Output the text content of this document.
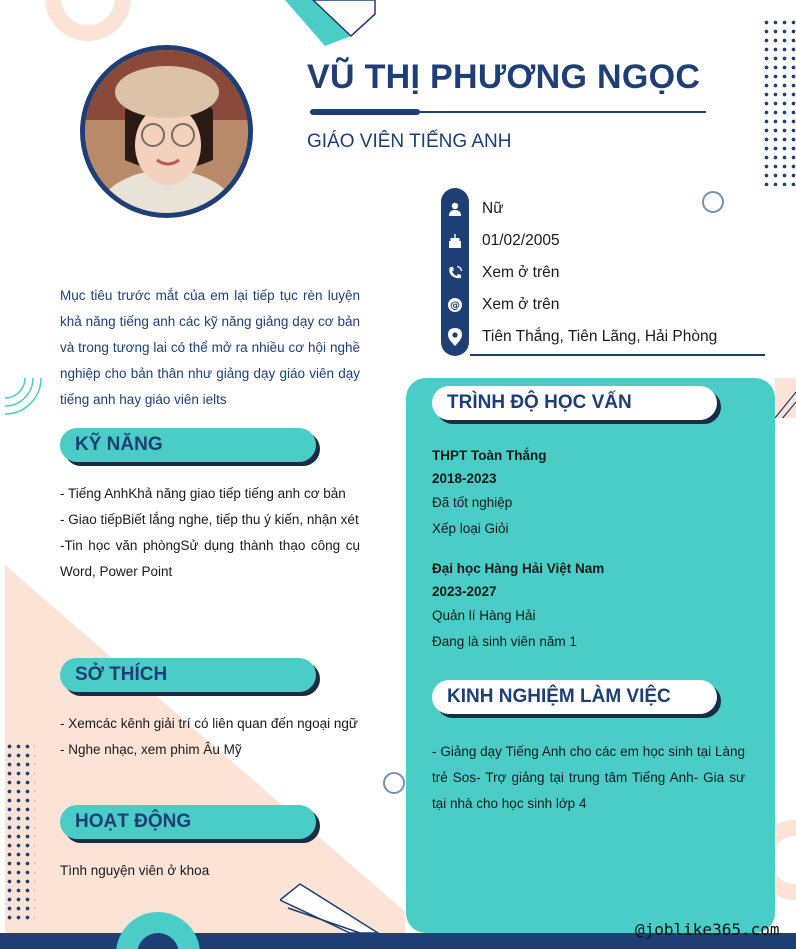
VŨ THỊ PHƯƠNG NGỌC
GIÁO VIÊN TIẾNG ANH
Nữ
01/02/2005
Xem ở trên
@ Xem ở trên
Tiên Thắng, Tiên Lãng, Hải Phòng
Mục tiêu trước mắt của em lại tiếp tục rèn luyện khả năng tiếng anh các kỹ năng giảng dạy cơ bản và trong tương lai có thể mở ra nhiều cơ hội nghề nghiệp cho bản thân như giảng dạy giáo viên dạy tiếng anh hay giáo viên ielts
KỸ NĂNG
- Tiếng AnhKhả năng giao tiếp tiếng anh cơ bản
- Giao tiếpBiết lắng nghe, tiếp thu ý kiến, nhận xét
-Tin học văn phòngSử dụng thành thạo công cụ Word, Power Point
SỞ THÍCH
- Xemcác kênh giải trí có liên quan đến ngoại ngữ
- Nghe nhạc, xem phim Âu Mỹ
HOẠT ĐỘNG
Tình nguyện viên ở khoa
TRÌNH ĐỘ HỌC VẤN
THPT Toàn Thắng
2018-2023
Đã tốt nghiệp
Xếp loại Giỏi
Đại học Hàng Hải Việt Nam
2023-2027
Quản lí Hàng Hải
Đang là sinh viên năm 1
KINH NGHIỆM LÀM VIỆC
- Giảng dạy Tiếng Anh cho các em học sinh tại Làng trẻ Sos- Trợ giảng tại trung tâm Tiếng Anh- Gia sư tại nhà cho học sinh lớp 4
@joblike365.com
